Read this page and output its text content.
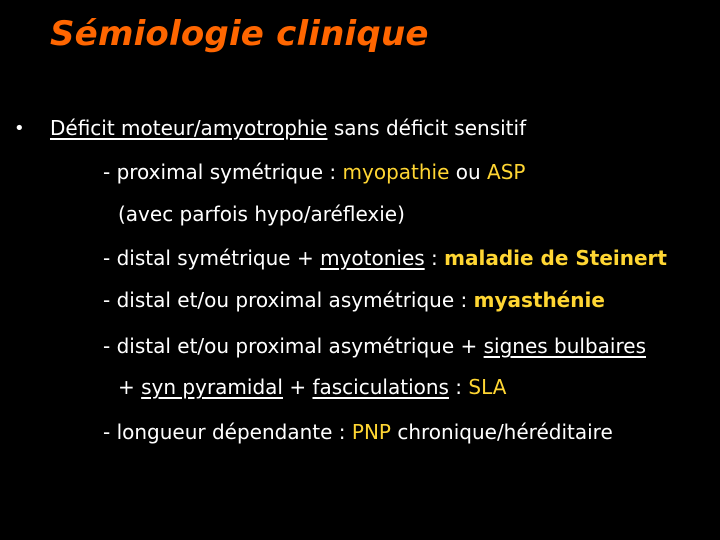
Sémiologie clinique
• Déficit moteur/amyotrophie sans déficit sensitif
- proximal symétrique : myopathie ou ASP
(avec parfois hypo/aréflexie)
- distal symétrique + myotonies : maladie de Steinert
- distal et/ou proximal asymétrique : myasthénie
- distal et/ou proximal asymétrique + signes bulbaires
+ syn pyramidal + fasciculations : SLA
- longueur dépendante : PNP chronique/héréditaire
